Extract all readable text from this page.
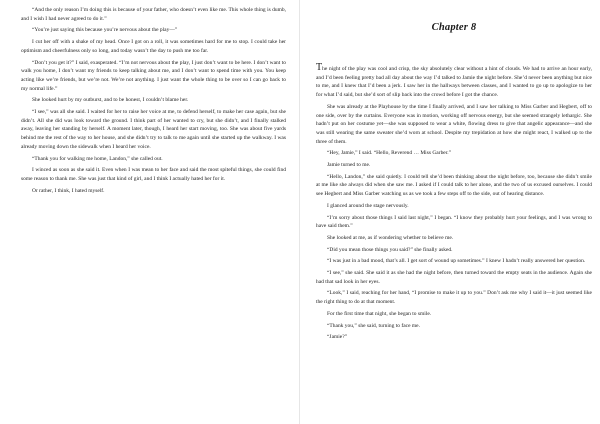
“And the only reason I’m doing this is because of your father, who doesn’t even like me. This whole thing is dumb, and I wish I had never agreed to do it.”

“You’re just saying this because you’re nervous about the play—”

I cut her off with a shake of my head. Once I got on a roll, it was sometimes hard for me to stop. I could take her optimism and cheerfulness only so long, and today wasn’t the day to push me too far.

“Don’t you get it?” I said, exasperated. “I’m not nervous about the play, I just don’t want to be here. I don’t want to walk you home, I don’t want my friends to keep talking about me, and I don’t want to spend time with you. You keep acting like we’re friends, but we’re not. We’re not anything. I just want the whole thing to be over so I can go back to my normal life.”

She looked hurt by my outburst, and to be honest, I couldn’t blame her.

“I see,” was all she said. I waited for her to raise her voice at me, to defend herself, to make her case again, but she didn’t. All she did was look toward the ground. I think part of her wanted to cry, but she didn’t, and I finally stalked away, leaving her standing by herself. A moment later, though, I heard her start moving, too. She was about five yards behind me the rest of the way to her house, and she didn’t try to talk to me again until she started up the walkway. I was already moving down the sidewalk when I heard her voice.

“Thank you for walking me home, Landon,” she called out.

I winced as soon as she said it. Even when I was mean to her face and said the most spiteful things, she could find some reason to thank me. She was just that kind of girl, and I think I actually hated her for it.

Or rather, I think, I hated myself.

Chapter 8

The night of the play was cool and crisp, the sky absolutely clear without a hint of clouds. We had to arrive an hour early, and I’d been feeling pretty bad all day about the way I’d talked to Jamie the night before. She’d never been anything but nice to me, and I knew that I’d been a jerk. I saw her in the hallways between classes, and I wanted to go up to apologize to her for what I’d said, but she’d sort of slip back into the crowd before I got the chance.

She was already at the Playhouse by the time I finally arrived, and I saw her talking to Miss Garber and Hegbert, off to one side, over by the curtains. Everyone was in motion, working off nervous energy, but she seemed strangely lethargic. She hadn’t put on her costume yet—she was supposed to wear a white, flowing dress to give that angelic appearance—and she was still wearing the same sweater she’d worn at school. Despite my trepidation at how she might react, I walked up to the three of them.

“Hey, Jamie,” I said. “Hello, Reverend … Miss Garber.”

Jamie turned to me.

“Hello, Landon,” she said quietly. I could tell she’d been thinking about the night before, too, because she didn’t smile at me like she always did when she saw me. I asked if I could talk to her alone, and the two of us excused ourselves. I could see Hegbert and Miss Garber watching us as we took a few steps off to the side, out of hearing distance.

I glanced around the stage nervously.

“I’m sorry about those things I said last night,” I began. “I know they probably hurt your feelings, and I was wrong to have said them.”

She looked at me, as if wondering whether to believe me.

“Did you mean those things you said?” she finally asked.

“I was just in a bad mood, that’s all. I get sort of wound up sometimes.” I knew I hadn’t really answered her question.

“I see,” she said. She said it as she had the night before, then turned toward the empty seats in the audience. Again she had that sad look in her eyes.

“Look,” I said, reaching for her hand, “I promise to make it up to you.” Don’t ask me why I said it—it just seemed like the right thing to do at that moment.

For the first time that night, she began to smile.

“Thank you,” she said, turning to face me.

“Jamie?”
